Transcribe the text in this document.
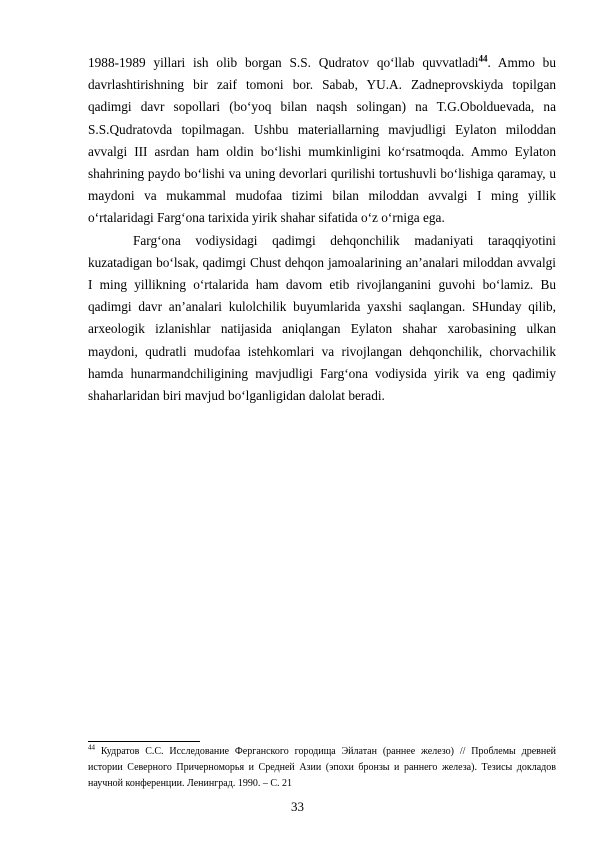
1988-1989 yillari ish olib borgan S.S. Qudratov qo‘llab quvvatladi$^{44}$. Ammo bu davrlashtirishning bir zaif tomoni bor. Sabab, YU.A. Zadneprovskiyda topilgan qadimgi davr sopollari (bo‘yoq bilan naqsh solingan) na T.G.Obolduevada, na S.S.Qudratovda topilmagan. Ushbu materiallarning mavjudligi Eylaton miloddan avvalgi III asrdan ham oldin bo‘lishi mumkinligini ko‘rsatmoqda. Ammo Eylaton shahrining paydo bo‘lishi va uning devorlari qurilishi tortushuvli bo‘lishiga qaramay, u maydoni va mukammal mudofaa tizimi bilan miloddan avvalgi I ming yillik o‘rtalaridagi Farg‘ona tarixida yirik shahar sifatida o‘z o‘rniga ega.

Farg‘ona vodiysidagi qadimgi dehqonchilik madaniyati taraqqiyotini kuzatadigan bo‘lsak, qadimgi Chust dehqon jamoalarining an’analari miloddan avvalgi I ming yillikning o‘rtalarida ham davom etib rivojlanganini guvohi bo‘lamiz. Bu qadimgi davr an’analari kulolchilik buyumlarida yaxshi saqlangan. SHunday qilib, arxeologik izlanishlar natijasida aniqlangan Eylaton shahar xarobasining ulkan maydoni, qudratli mudofaa istehkomlari va rivojlangan dehqonchilik, chorvachilik hamda hunarmandchiligining mavjudligi Farg‘ona vodiysida yirik va eng qadimiy shaharlaridan biri mavjud bo‘lganligidan dalolat beradi.

$^{44}$ Кудратов С.С. Исследование Ферганского городища Эйлатан (раннее железо) // Проблемы древней истории Северного Причерноморья и Средней Азии (эпохи бронзы и раннего железа). Тезисы докладов научной конференции. Ленинград. 1990. – С. 21

33
